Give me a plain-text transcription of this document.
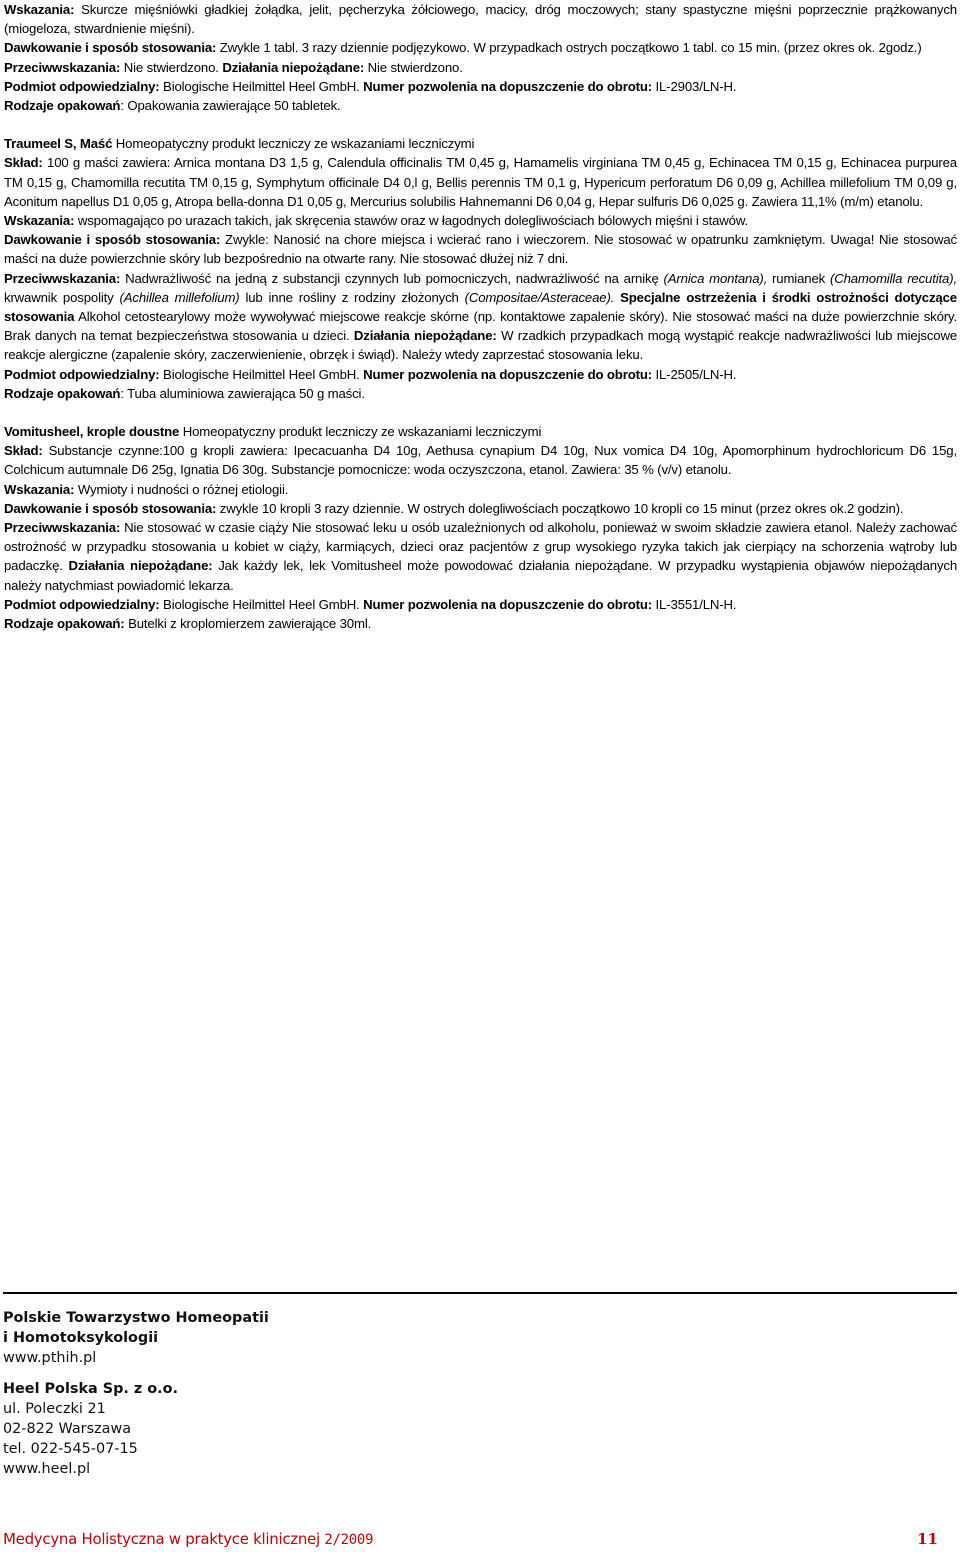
Wskazania: Skurcze mięśniówki gładkiej żołądka, jelit, pęcherzyka żółciowego, macicy, dróg moczowych; stany spastyczne mięśni poprzecznie prążkowanych (miogeloza, stwardnienie mięśni).

Dawkowanie i sposób stosowania: Zwykle 1 tabl. 3 razy dziennie podjęzykowo. W przypadkach ostrych początkowo 1 tabl. co 15 min. (przez okres ok. 2godz.)

Przeciwwskazania: Nie stwierdzono. Działania niepożądane: Nie stwierdzono.

Podmiot odpowiedzialny: Biologische Heilmittel Heel GmbH. Numer pozwolenia na dopuszczenie do obrotu: IL-2903/LN-H.

Rodzaje opakowań: Opakowania zawierające 50 tabletek.

Traumeel S, Maść Homeopatyczny produkt leczniczy ze wskazaniami leczniczymi

Skład: 100 g maści zawiera: Arnica montana D3 1,5 g, Calendula officinalis TM 0,45 g, Hamamelis virginiana TM 0,45 g, Echinacea TM 0,15 g, Echinacea purpurea TM 0,15 g, Chamomilla recutita TM 0,15 g, Symphytum officinale D4 0,l g, Bellis perennis TM 0,1 g, Hypericum perforatum D6 0,09 g, Achillea millefolium TM 0,09 g, Aconitum napellus D1 0,05 g, Atropa bella-donna D1 0,05 g, Mercurius solubilis Hahnemanni D6 0,04 g, Hepar sulfuris D6 0,025 g. Zawiera 11,1% (m/m) etanolu.

Wskazania: wspomagająco po urazach takich, jak skręcenia stawów oraz w łagodnych dolegliwościach bólowych mięśni i stawów.

Dawkowanie i sposób stosowania: Zwykle: Nanosić na chore miejsca i wcierać rano i wieczorem. Nie stosować w opatrunku zamkniętym. Uwaga! Nie stosować maści na duże powierzchnie skóry lub bezpośrednio na otwarte rany. Nie stosować dłużej niż 7 dni.

Przeciwwskazania: Nadwrażliwość na jedną z substancji czynnych lub pomocniczych, nadwrażliwość na arnikę (Arnica montana), rumianek (Chamomilla recutita), krwawnik pospolity (Achillea millefolium) lub inne rośliny z rodziny złożonych (Compositae/Asteraceae). Specjalne ostrzeżenia i środki ostrożności dotyczące stosowania Alkohol cetostearylowy może wywoływać miejscowe reakcje skórne (np. kontaktowe zapalenie skóry). Nie stosować maści na duże powierzchnie skóry. Brak danych na temat bezpieczeństwa stosowania u dzieci. Działania niepożądane: W rzadkich przypadkach mogą wystąpić reakcje nadwrażliwości lub miejscowe reakcje alergiczne (zapalenie skóry, zaczerwienienie, obrzęk i świąd). Należy wtedy zaprzestać stosowania leku.

Podmiot odpowiedzialny: Biologische Heilmittel Heel GmbH. Numer pozwolenia na dopuszczenie do obrotu: IL-2505/LN-H.

Rodzaje opakowań: Tuba aluminiowa zawierająca 50 g maści.

Vomitusheel, krople doustne Homeopatyczny produkt leczniczy ze wskazaniami leczniczymi

Skład: Substancje czynne:100 g kropli zawiera: Ipecacuanha D4 10g, Aethusa cynapium D4 10g, Nux vomica D4 10g, Apomorphinum hydrochloricum D6 15g, Colchicum autumnale D6 25g, Ignatia D6 30g. Substancje pomocnicze: woda oczyszczona, etanol. Zawiera: 35 % (v/v) etanolu.

Wskazania: Wymioty i nudności o różnej etiologii.

Dawkowanie i sposób stosowania: zwykle 10 kropli 3 razy dziennie. W ostrych dolegliwościach początkowo 10 kropli co 15 minut (przez okres ok.2 godzin).

Przeciwwskazania: Nie stosować w czasie ciąży Nie stosować leku u osób uzależnionych od alkoholu, ponieważ w swoim składzie zawiera etanol. Należy zachować ostrożność w przypadku stosowania u kobiet w ciąży, karmiących, dzieci oraz pacjentów z grup wysokiego ryzyka takich jak cierpiący na schorzenia wątroby lub padaczkę. Działania niepożądane: Jak każdy lek, lek Vomitusheel może powodować działania niepożądane. W przypadku wystąpienia objawów niepożądanych należy natychmiast powiadomić lekarza.

Podmiot odpowiedzialny: Biologische Heilmittel Heel GmbH. Numer pozwolenia na dopuszczenie do obrotu: IL-3551/LN-H.

Rodzaje opakowań: Butelki z kroplomierzem zawierające 30ml.

Polskie Towarzystwo Homeopatii

i Homotoksykologii

www.pthih.pl

Heel Polska Sp. z o.o.

ul. Poleczki 21

02-822 Warszawa

tel. 022-545-07-15

www.heel.pl

Medycyna Holistyczna w praktyce klinicznej 2/2009	11
